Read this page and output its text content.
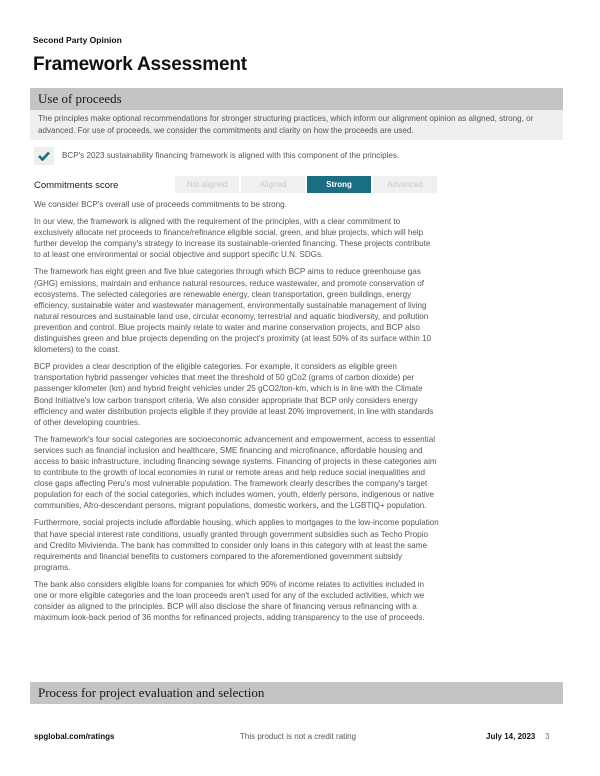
Second Party Opinion
Framework Assessment
Use of proceeds
The principles make optional recommendations for stronger structuring practices, which inform our alignment opinion as aligned, strong, or advanced. For use of proceeds, we consider the commitments and clarity on how the proceeds are used.
BCP's 2023 sustainability financing framework is aligned with this component of the principles.
Commitments score	Not aligned	Aligned	Strong	Advanced

We consider BCP's overall use of proceeds commitments to be strong.

In our view, the framework is aligned with the requirement of the principles, with a clear commitment to exclusively allocate net proceeds to finance/refinance eligible social, green, and blue projects, which will help further develop the company's strategy to increase its sustainable-oriented financing. These projects contribute to at least one environmental or social objective and support specific U.N. SDGs.

The framework has eight green and five blue categories through which BCP aims to reduce greenhouse gas (GHG) emissions, maintain and enhance natural resources, reduce wastewater, and promote conservation of ecosystems. The selected categories are renewable energy, clean transportation, green buildings, energy efficiency, sustainable water and wastewater management, environmentally sustainable management of living natural resources and sustainable land use, circular economy, terrestrial and aquatic biodiversity, and pollution prevention and control. Blue projects mainly relate to water and marine conservation projects, and BCP also distinguishes green and blue projects depending on the project's proximity (at least 50% of its surface within 10 kilometers) to the coast.

BCP provides a clear description of the eligible categories. For example, it considers as eligible green transportation hybrid passenger vehicles that meet the threshold of 50 gCo2 (grams of carbon dioxide) per passenger kilometer (km) and hybrid freight vehicles under 25 gCO2/ton-km, which is in line with the Climate Bond Initiative's low carbon transport criteria. We also consider appropriate that BCP only considers energy efficiency and water distribution projects eligible if they provide at least 20% improvement, in line with standards of other developing countries.

The framework's four social categories are socioeconomic advancement and empowerment, access to essential services such as financial inclusion and healthcare, SME financing and microfinance, affordable housing and access to basic infrastructure, including financing sewage systems. Financing of projects in these categories aim to contribute to the growth of local economies in rural or remote areas and help reduce social inequalities and close gaps affecting Peru's most vulnerable population. The framework clearly describes the company's target population for each of the social categories, which includes women, youth, elderly persons, indigenous or native communities, Afro-descendant persons, migrant populations, domestic workers, and the LGBTIQ+ population.

Furthermore, social projects include affordable housing, which applies to mortgages to the low-income population that have special interest rate conditions, usually granted through government subsidies such as Techo Propio and Credito Mivivienda. The bank has committed to consider only loans in this category with at least the same requirements and financial benefits to customers compared to the aforementioned government subsidy programs.

The bank also considers eligible loans for companies for which 90% of income relates to activities included in one or more eligible categories and the loan proceeds aren't used for any of the excluded activities, which we consider as aligned to the principles. BCP will also disclose the share of financing versus refinancing with a maximum look-back period of 36 months for refinanced projects, adding transparency to the use of proceeds.

Process for project evaluation and selection
spglobal.com/ratings	This product is not a credit rating	July 14, 2023 3
